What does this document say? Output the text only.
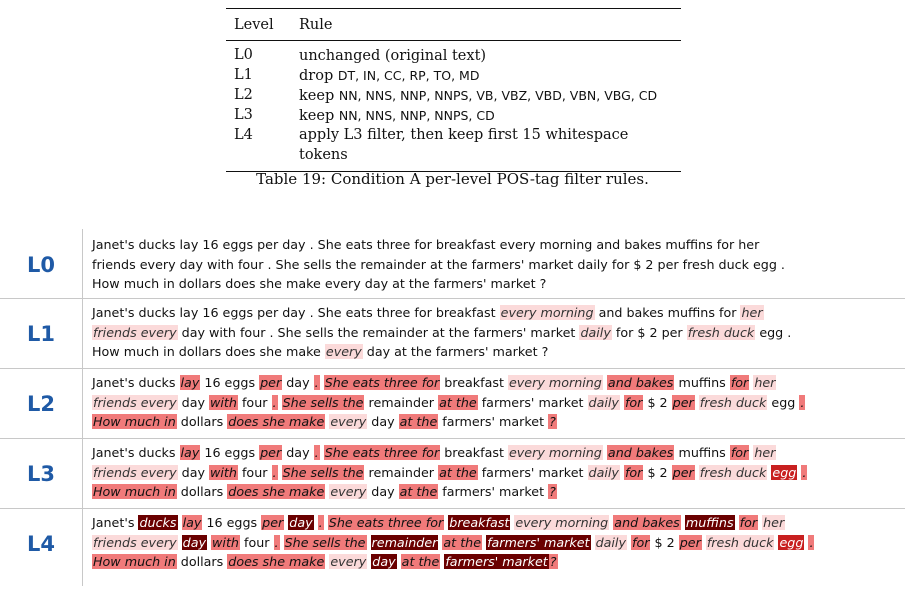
Level	Rule
L0	unchanged (original text)
L1	drop DT, IN, CC, RP, TO, MD
L2	keep NN, NNS, NNP, NNPS, VB, VBZ, VBD, VBN, VBG, CD
L3	keep NN, NNS, NNP, NNPS, CD
L4	apply L3 filter, then keep first 15 whitespace tokens
Table 19: Condition A per-level POS-tag filter rules.
L0
Janet's ducks lay 16 eggs per day . She eats three for breakfast every morning and bakes muffins for her
friends every day with four . She sells the remainder at the farmers' market daily for $ 2 per fresh duck egg .
How much in dollars does she make every day at the farmers' market ?
L1
Janet's ducks lay 16 eggs per day . She eats three for breakfast every morning and bakes muffins for her
friends every day with four . She sells the remainder at the farmers' market daily for $ 2 per fresh duck egg .
How much in dollars does she make every day at the farmers' market ?
L2
Janet's ducks lay 16 eggs per day . She eats three for breakfast every morning and bakes muffins for her
friends every day with four . She sells the remainder at the farmers' market daily for $ 2 per fresh duck egg .
How much in dollars does she make every day at the farmers' market ?
L3
Janet's ducks lay 16 eggs per day . She eats three for breakfast every morning and bakes muffins for her
friends every day with four . She sells the remainder at the farmers' market daily for $ 2 per fresh duck egg .
How much in dollars does she make every day at the farmers' market ?
L4
Janet's ducks lay 16 eggs per day . She eats three for breakfast every morning and bakes muffins for her
friends every day with four . She sells the remainder at the farmers' market daily for $ 2 per fresh duck egg .
How much in dollars does she make every day at the farmers' market ?
